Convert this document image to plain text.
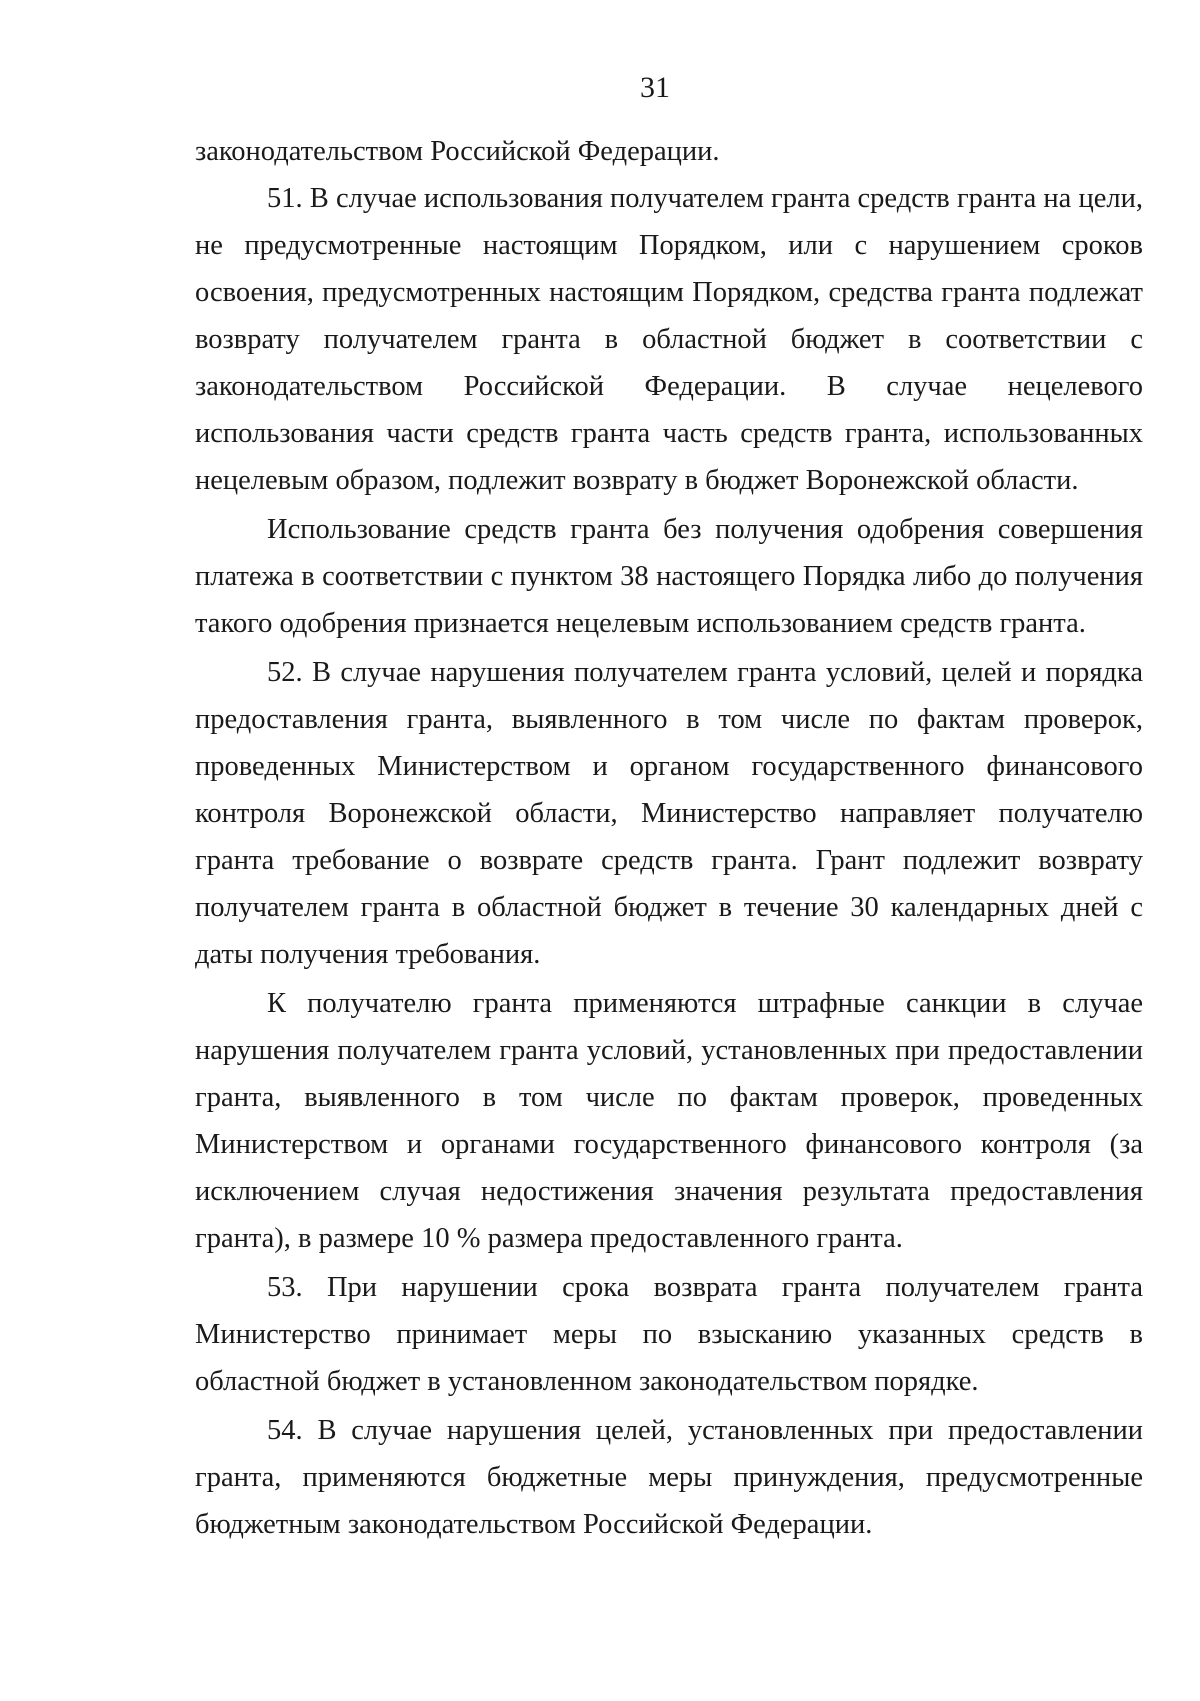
31

законодательством Российской Федерации.

51. В случае использования получателем гранта средств гранта на цели, не предусмотренные настоящим Порядком, или с нарушением сроков освоения, предусмотренных настоящим Порядком, средства гранта подлежат возврату получателем гранта в областной бюджет в соответствии с законодательством Российской Федерации. В случае нецелевого использования части средств гранта часть средств гранта, использованных нецелевым образом, подлежит возврату в бюджет Воронежской области.

Использование средств гранта без получения одобрения совершения платежа в соответствии с пунктом 38 настоящего Порядка либо до получения такого одобрения признается нецелевым использованием средств гранта.

52. В случае нарушения получателем гранта условий, целей и порядка предоставления гранта, выявленного в том числе по фактам проверок, проведенных Министерством и органом государственного финансового контроля Воронежской области, Министерство направляет получателю гранта требование о возврате средств гранта. Грант подлежит возврату получателем гранта в областной бюджет в течение 30 календарных дней с даты получения требования.

К получателю гранта применяются штрафные санкции в случае нарушения получателем гранта условий, установленных при предоставлении гранта, выявленного в том числе по фактам проверок, проведенных Министерством и органами государственного финансового контроля (за исключением случая недостижения значения результата предоставления гранта), в размере 10 % размера предоставленного гранта.

53. При нарушении срока возврата гранта получателем гранта Министерство принимает меры по взысканию указанных средств в областной бюджет в установленном законодательством порядке.

54. В случае нарушения целей, установленных при предоставлении гранта, применяются бюджетные меры принуждения, предусмотренные бюджетным законодательством Российской Федерации.
